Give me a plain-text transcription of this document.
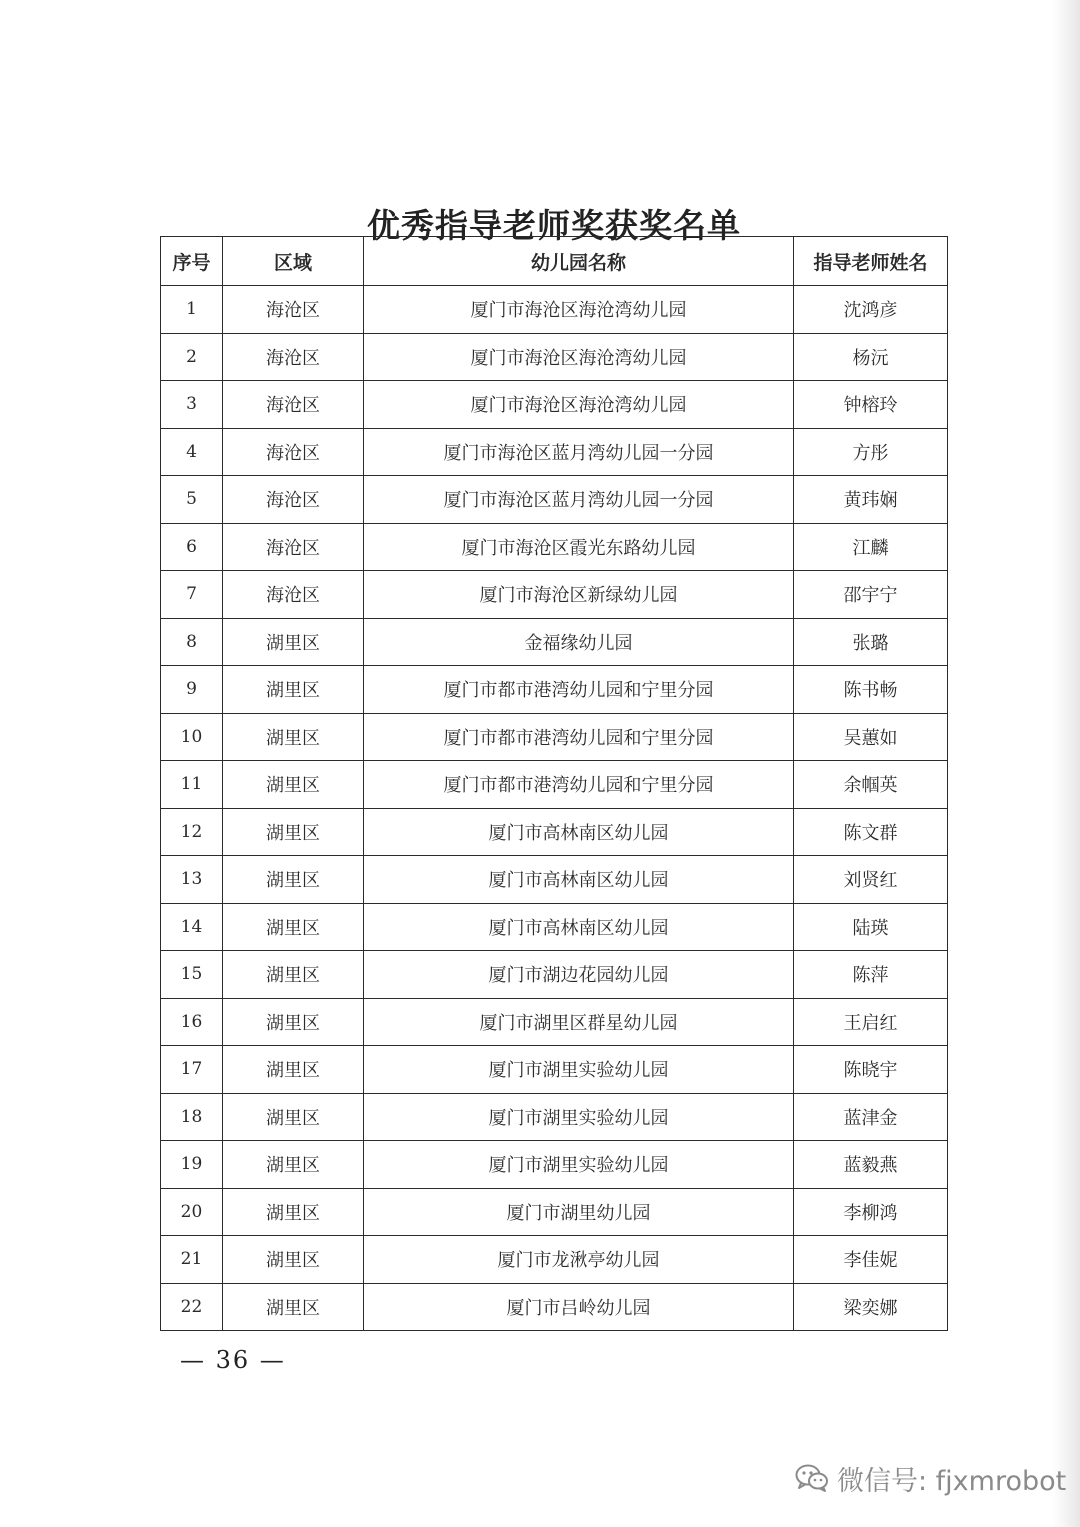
优秀指导老师奖获奖名单
序号	区域	幼儿园名称	指导老师姓名
1	海沧区	厦门市海沧区海沧湾幼儿园	沈鸿彦
2	海沧区	厦门市海沧区海沧湾幼儿园	杨沅
3	海沧区	厦门市海沧区海沧湾幼儿园	钟榕玲
4	海沧区	厦门市海沧区蓝月湾幼儿园一分园	方彤
5	海沧区	厦门市海沧区蓝月湾幼儿园一分园	黄玮娴
6	海沧区	厦门市海沧区霞光东路幼儿园	江麟
7	海沧区	厦门市海沧区新绿幼儿园	邵宇宁
8	湖里区	金福缘幼儿园	张璐
9	湖里区	厦门市都市港湾幼儿园和宁里分园	陈书畅
10	湖里区	厦门市都市港湾幼儿园和宁里分园	吴蕙如
11	湖里区	厦门市都市港湾幼儿园和宁里分园	余帼英
12	湖里区	厦门市高林南区幼儿园	陈文群
13	湖里区	厦门市高林南区幼儿园	刘贤红
14	湖里区	厦门市高林南区幼儿园	陆瑛
15	湖里区	厦门市湖边花园幼儿园	陈萍
16	湖里区	厦门市湖里区群星幼儿园	王启红
17	湖里区	厦门市湖里实验幼儿园	陈晓宇
18	湖里区	厦门市湖里实验幼儿园	蓝津金
19	湖里区	厦门市湖里实验幼儿园	蓝毅燕
20	湖里区	厦门市湖里幼儿园	李柳鸿
21	湖里区	厦门市龙湫亭幼儿园	李佳妮
22	湖里区	厦门市吕岭幼儿园	梁奕娜
— 36 —
微信号: fjxmrobot
